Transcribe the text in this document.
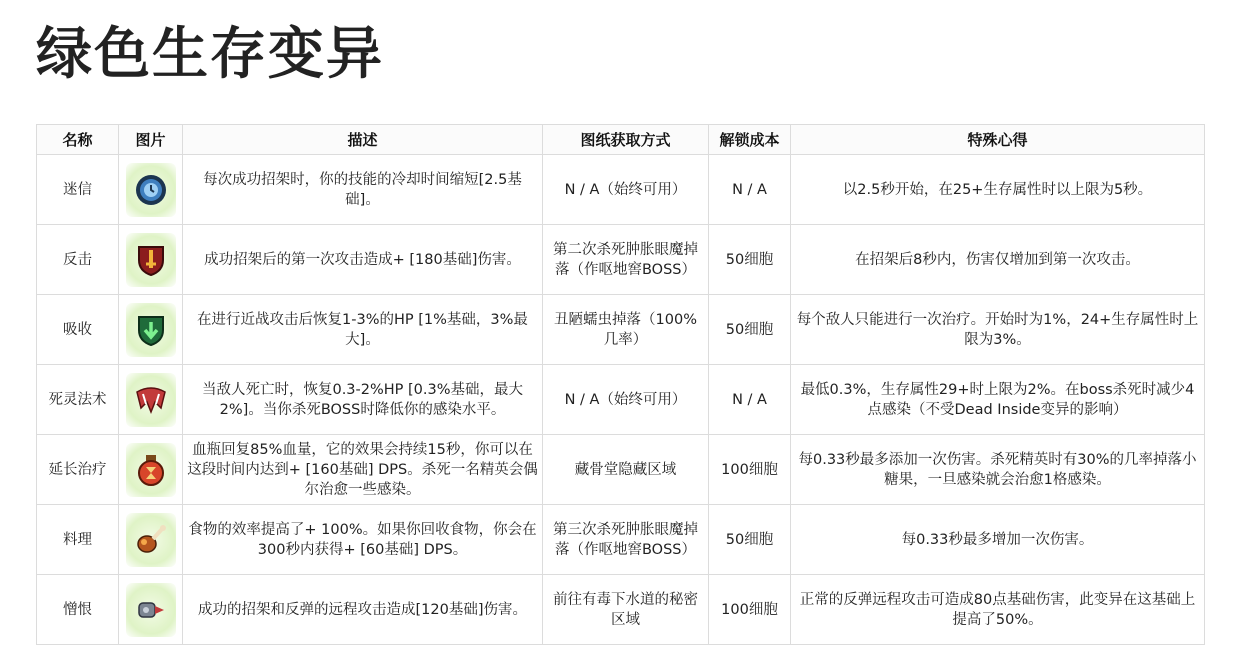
绿色生存变异
名称	图片	描述	图纸获取方式	解锁成本	特殊心得
迷信		每次成功招架时，你的技能的冷却时间缩短[2.5基础]。	N / A（始终可用）	N / A	以2.5秒开始，在25+生存属性时以上限为5秒。
反击		成功招架后的第一次攻击造成+ [180基础]伤害。	第二次杀死肿胀眼魔掉落（作呕地窖BOSS）	50细胞	在招架后8秒内，伤害仅增加到第一次攻击。
吸收		在进行近战攻击后恢复1-3%的HP [1%基础，3%最大]。	丑陋蠕虫掉落（100%几率）	50细胞	每个敌人只能进行一次治疗。开始时为1%，24+生存属性时上限为3%。
死灵法术		当敌人死亡时，恢复0.3-2%HP [0.3%基础，最大2%]。当你杀死BOSS时降低你的感染水平。	N / A（始终可用）	N / A	最低0.3%，生存属性29+时上限为2%。在boss杀死时减少4点感染（不受Dead Inside变异的影响）
延长治疗		血瓶回复85%血量，它的效果会持续15秒，你可以在这段时间内达到+ [160基础] DPS。杀死一名精英会偶尔治愈一些感染。	藏骨堂隐藏区域	100细胞	每0.33秒最多添加一次伤害。杀死精英时有30%的几率掉落小糖果，一旦感染就会治愈1格感染。
料理		食物的效率提高了+ 100%。如果你回收食物，你会在300秒内获得+ [60基础] DPS。	第三次杀死肿胀眼魔掉落（作呕地窖BOSS）	50细胞	每0.33秒最多增加一次伤害。
憎恨		成功的招架和反弹的远程攻击造成[120基础]伤害。	前往有毒下水道的秘密区域	100细胞	正常的反弹远程攻击可造成80点基础伤害，此变异在这基础上提高了50%。
